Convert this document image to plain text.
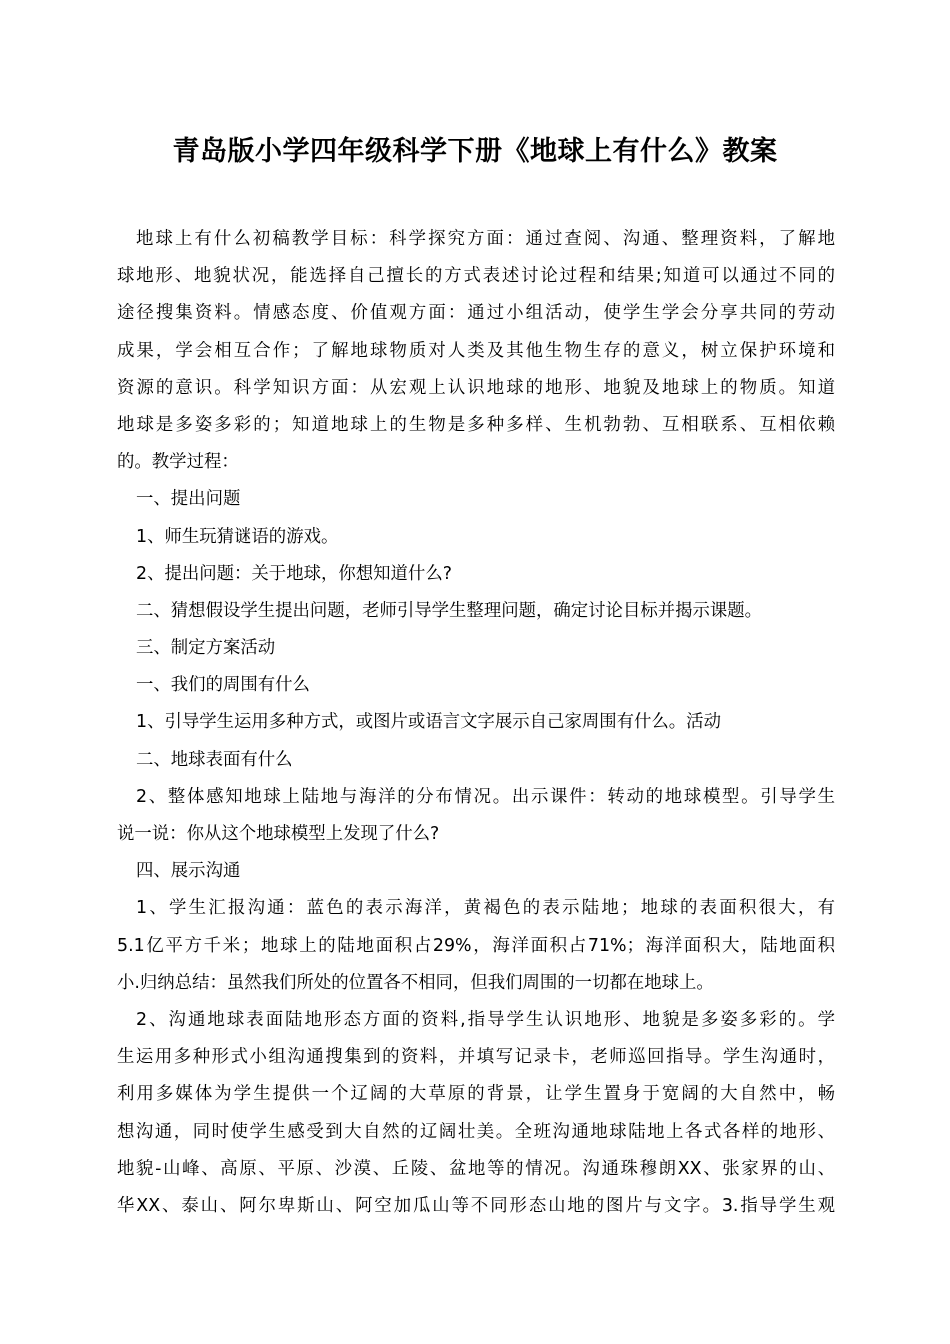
青岛版小学四年级科学下册《地球上有什么》教案
地球上有什么初稿教学目标：科学探究方面：通过查阅、沟通、整理资料，了解地
球地形、地貌状况，能选择自己擅长的方式表述讨论过程和结果;知道可以通过不同的
途径搜集资料。情感态度、价值观方面：通过小组活动，使学生学会分享共同的劳动
成果，学会相互合作；了解地球物质对人类及其他生物生存的意义，树立保护环境和
资源的意识。科学知识方面：从宏观上认识地球的地形、地貌及地球上的物质。知道
地球是多姿多彩的；知道地球上的生物是多种多样、生机勃勃、互相联系、互相依赖
的。教学过程：
一、提出问题
1、师生玩猜谜语的游戏。
2、提出问题：关于地球，你想知道什么?
二、猜想假设学生提出问题，老师引导学生整理问题，确定讨论目标并揭示课题。
三、制定方案活动
一、我们的周围有什么
1、引导学生运用多种方式，或图片或语言文字展示自己家周围有什么。活动
二、地球表面有什么
2、整体感知地球上陆地与海洋的分布情况。出示课件：转动的地球模型。引导学生
说一说：你从这个地球模型上发现了什么?
四、展示沟通
1、学生汇报沟通：蓝色的表示海洋，黄褐色的表示陆地；地球的表面积很大，有
5.1亿平方千米；地球上的陆地面积占29%，海洋面积占71%；海洋面积大，陆地面积
小.归纳总结：虽然我们所处的位置各不相同，但我们周围的一切都在地球上。
2、沟通地球表面陆地形态方面的资料,指导学生认识地形、地貌是多姿多彩的。学
生运用多种形式小组沟通搜集到的资料，并填写记录卡，老师巡回指导。学生沟通时，
利用多媒体为学生提供一个辽阔的大草原的背景，让学生置身于宽阔的大自然中，畅
想沟通，同时使学生感受到大自然的辽阔壮美。全班沟通地球陆地上各式各样的地形、
地貌-山峰、高原、平原、沙漠、丘陵、盆地等的情况。沟通珠穆朗XX、张家界的山、
华XX、泰山、阿尔卑斯山、阿空加瓜山等不同形态山地的图片与文字。3.指导学生观
